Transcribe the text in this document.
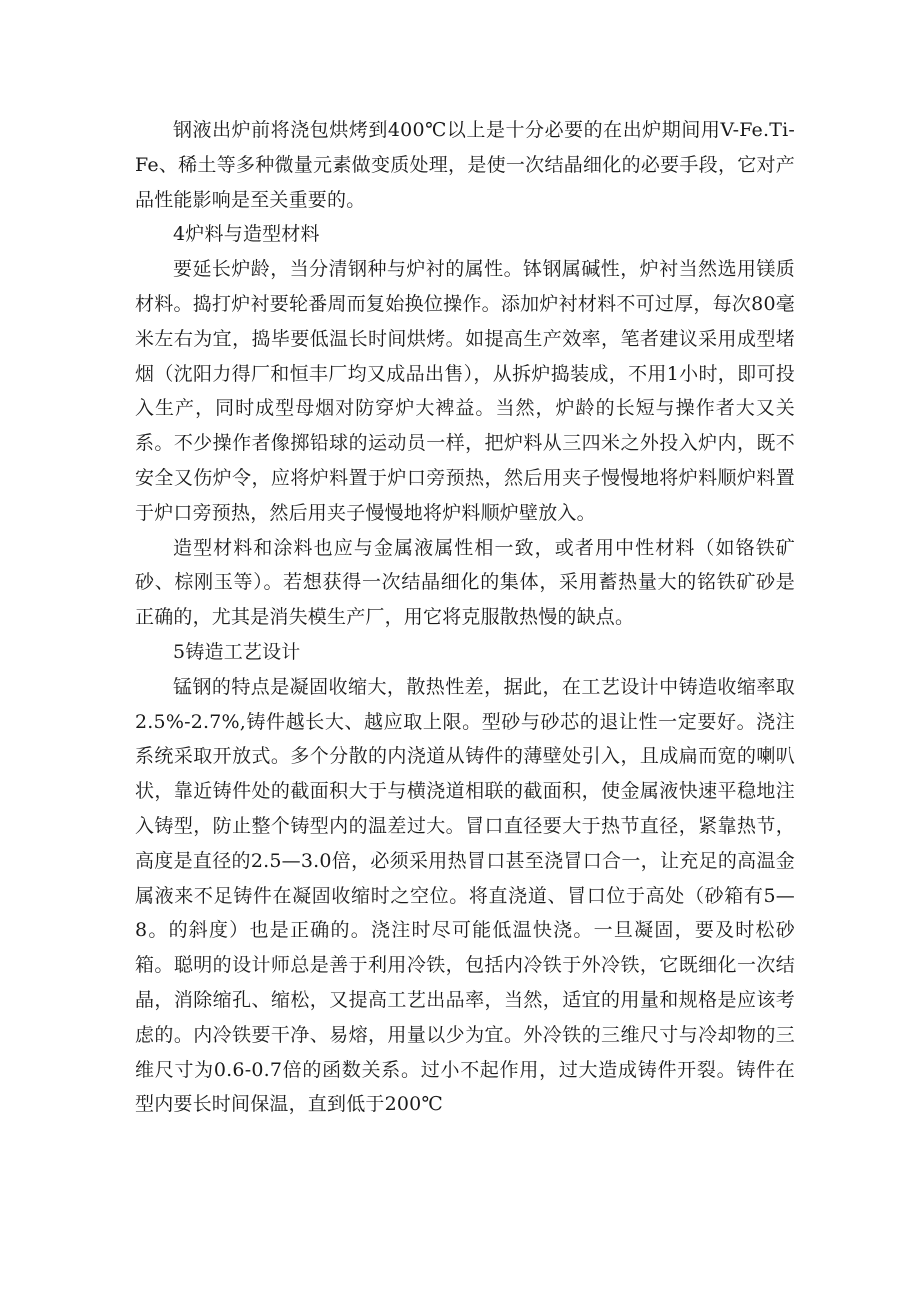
钢液出炉前将浇包烘烤到400℃以上是十分必要的在出炉期间用V-Fe.Ti-Fe、稀土等多种微量元素做变质处理，是使一次结晶细化的必要手段，它对产品性能影响是至关重要的。

4炉料与造型材料

要延长炉龄，当分清钢种与炉衬的属性。钵钢属碱性，炉衬当然选用镁质材料。捣打炉衬要轮番周而复始换位操作。添加炉衬材料不可过厚，每次80毫米左右为宜，捣毕要低温长时间烘烤。如提高生产效率，笔者建议采用成型堵烟（沈阳力得厂和恒丰厂均又成品出售），从拆炉捣装成，不用1小时，即可投入生产，同时成型母烟对防穿炉大裨益。当然，炉龄的长短与操作者大又关系。不少操作者像掷铅球的运动员一样，把炉料从三四米之外投入炉内，既不安全又伤炉令，应将炉料置于炉口旁预热，然后用夹子慢慢地将炉料顺炉料置于炉口旁预热，然后用夹子慢慢地将炉料顺炉壁放入。

造型材料和涂料也应与金属液属性相一致，或者用中性材料（如铬铁矿砂、棕刚玉等）。若想获得一次结晶细化的集体，采用蓄热量大的铭铁矿砂是正确的，尤其是消失模生产厂，用它将克服散热慢的缺点。

5铸造工艺设计

锰钢的特点是凝固收缩大，散热性差，据此，在工艺设计中铸造收缩率取2.5%-2.7%,铸件越长大、越应取上限。型砂与砂芯的退让性一定要好。浇注系统采取开放式。多个分散的内浇道从铸件的薄壁处引入，且成扁而宽的喇叭状，靠近铸件处的截面积大于与横浇道相联的截面积，使金属液快速平稳地注入铸型，防止整个铸型内的温差过大。冒口直径要大于热节直径，紧靠热节，高度是直径的2.5—3.0倍，必须采用热冒口甚至浇冒口合一，让充足的高温金属液来不足铸件在凝固收缩时之空位。将直浇道、冒口位于高处（砂箱有5—8。的斜度）也是正确的。浇注时尽可能低温快浇。一旦凝固，要及时松砂箱。聪明的设计师总是善于利用冷铁，包括内冷铁于外冷铁，它既细化一次结晶，消除缩孔、缩松，又提高工艺出品率，当然，适宜的用量和规格是应该考虑的。内冷铁要干净、易熔，用量以少为宜。外冷铁的三维尺寸与冷却物的三维尺寸为0.6-0.7倍的函数关系。过小不起作用，过大造成铸件开裂。铸件在型内要长时间保温，直到低于200℃
